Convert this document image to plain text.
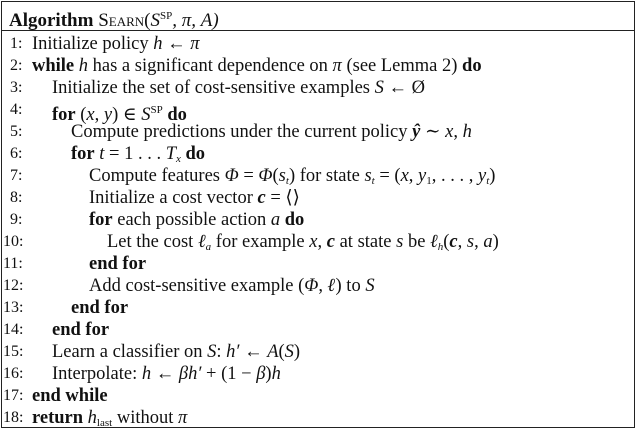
Algorithm $Searn(S^{SP}$, π, A)
1: Initialize policy h ← π
2: while h has a significant dependence on π (see Lemma 2) do
3:	Initialize the set of cost-sensitive examples S ← Ø
4:	for (x, y) ∈ $S^{SP}$ do
5:	Compute predictions under the current policy ŷ ∼ x, h
6:	for t = 1 . . . $T_x$ do
7:	Compute features $\Phi = \Phi(s_t)$ for state $s_t = (x$, $y_1$, . . . , $y_t$)
8:	Initialize a cost vector c = ⟨⟩
9:	for each possible action a do
10:	Let the cost ℓ$_a$ for example x, c at state s be ℓ$_h$(c, s, a)
11:	end for
12:	Add cost-sensitive example (Φ, ℓ) to S
13:	end for
14: end for
15: Learn a classifier on S: h′ ← A(S)
16: Interpolate: h ← βh′ + (1 − β)h
17: end while
18: return $h_{last}$ without π
